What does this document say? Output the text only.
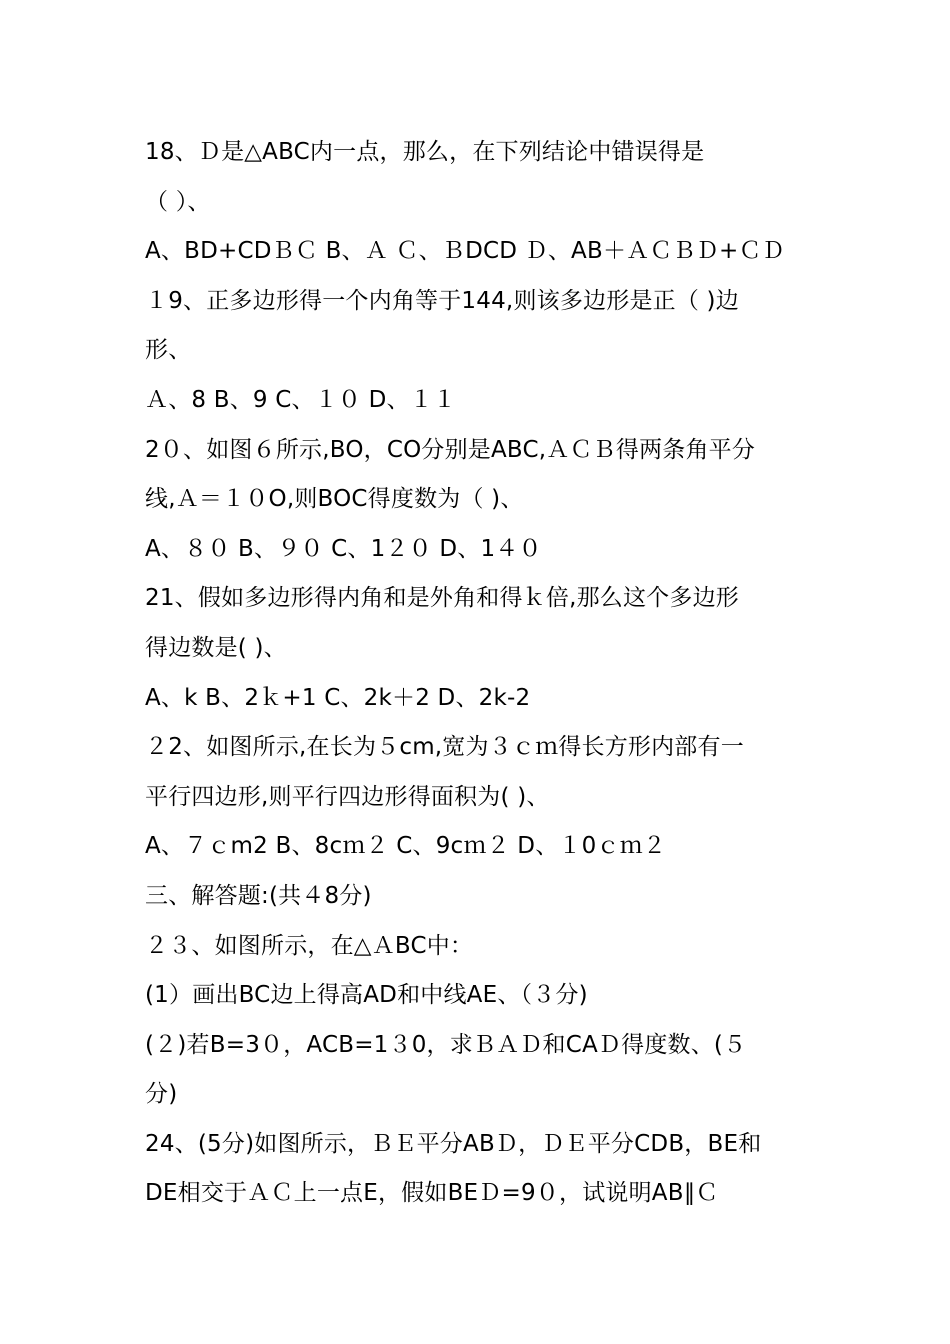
18、Ｄ是△ABC内一点，那么，在下列结论中错误得是
（ ）、
A、BD+CDＢＣ B、Ａ Ｃ、ＢDCD Ｄ、AB＋ＡＣＢＤ+ＣＤ
１9、正多边形得一个内角等于144,则该多边形是正（ )边
形、
Ａ、8 B、9 C、１０ D、１１
2０、如图６所示,BO，CO分别是ABC,ＡＣＢ得两条角平分
线,Ａ＝１０O,则BOC得度数为（ )、
A、８０ B、９０ C、1２０ D、1４０
21、假如多边形得内角和是外角和得ｋ倍,那么这个多边形
得边数是( )、
A、k B、2ｋ+1 C、2k＋2 D、2k-2
２2、如图所示,在长为５cm,宽为３ｃｍ得长方形内部有一
平行四边形,则平行四边形得面积为( )、
A、７ｃm2 B、8cｍ２ C、9cｍ２ D、１0ｃｍ２
三、解答题:(共４8分)
２３、如图所示，在△ＡBC中：
(1）画出BC边上得高AD和中线AE、（３分)
(２)若B=3０，ACB=1３0，求ＢＡＤ和CAＤ得度数、(５
分)
24、(5分)如图所示，ＢＥ平分ABＤ，ＤＥ平分CDB，BE和
DE相交于ＡＣ上一点E，假如BEＤ=9０，试说明AB∥Ｃ
